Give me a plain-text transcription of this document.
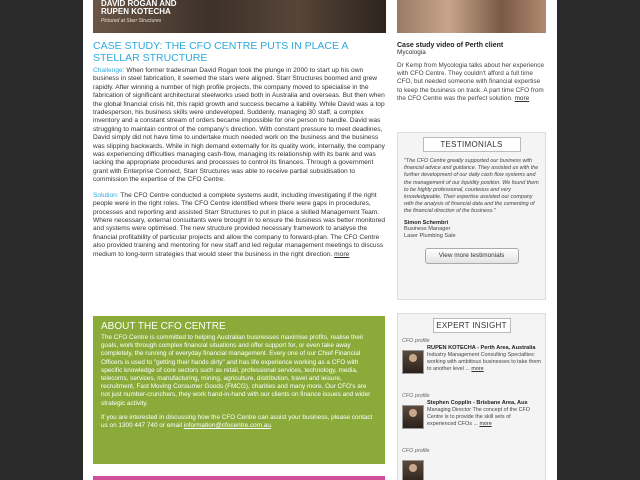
DAVID ROGAN AND
RUPEN KOTECHA
Pictured at Starr Structures
CASE STUDY: THE CFO CENTRE PUTS IN PLACE A STELLAR STRUCTURE

Challenge: When former tradesman David Rogan took the plunge in 2000 to start up his own business in steel fabrication, it seemed the stars were aligned. Starr Structures boomed and grew rapidly. After winning a number of high profile projects, the company moved to specialise in the fabrication of significant architectural steelworks used both in Australia and overseas. But then when the global financial crisis hit, this rapid growth and success became a liability. While David was a top tradesperson, his business skills were undeveloped. Suddenly, managing 30 staff, a complex inventory and a constant stream of orders became impossible for one person to handle. David was struggling to maintain control of the company's direction. With constant pressure to meet deadlines, David simply did not have time to undertake much needed work on the business and the business was slipping backwards. While in high demand externally for its quality work, internally, the company was experiencing difficulties managing cash-flow, managing its relationship with its bank and was lacking the appropriate procedures and processes to control its finances. Through a government grant with Enterprise Connect, Starr Structures was able to receive partial subsidisation to commission the expertise of the CFO Centre.

Solution: The CFO Centre conducted a complete systems audit, including investigating if the right people were in the right roles. The CFO Centre identified where there were gaps in procedures, processes and reporting and assisted Starr Structures to put in place a skilled Management Team. Where necessary, external consultants were brought in to ensure the business was better monitored and systems were optimised. The new structure provided necessary framework to analyse the financial profitability of particular projects and allow the company to forward-plan. The CFO Centre also provided training and mentoring for new staff and led regular management meetings to discuss medium to long-term strategies that would steer the business in the right direction. more

ABOUT THE CFO CENTRE

The CFO Centre is committed to helping Australian businesses maximise profits, realise their goals, work through complex financial situations and offer support for, or even take away completely, the running of everyday financial management. Every one of our Chief Financial Officers is used to "getting their hands dirty" and has life experience working as a CFO with specific knowledge of core sectors such as retail, professional services, technology, media, telecoms, services, manufacturing, mining, agriculture, distribution, travel and leisure, recruitment, Fast Moving Consumer Goods (FMCG), charities and many more. Our CFO's are not just number-crunchers, they work hand-in-hand with our clients on finance issues and wider strategic activity.

If you are interested in discussing how the CFO Centre can assist your business, please contact us on 1300 447 740 or email information@cfocentre.com.au.

Case study video of Perth client
Mycologia

Dr Kemp from Mycologia talks about her experience with CFO Centre. They couldn't afford a full time CFO, but needed someone with financial expertise to keep the business on track. A part time CFO from the CFO Centre was the perfect solution. more

TESTIMONIALS
"The CFO Centre greatly supported our business with financial advice and guidance. They assisted us with the further development of our daily cash flow systems and the management of our liquidity position. We found them to be highly professional, courteous and very knowledgeable. Their expertise assisted our company with the analysis of financial data and the cementing of the financial direction of the business."
Simon Schembri
Business Manager
Laser Plumbing Sale
View more testimonials
EXPERT INSIGHT
CFO profile
RUPEN KOTECHA - Perth Area, Australia
Industry Management Consulting Specialties: working with ambitious businesses to take them to another level ... more
CFO profile
Stephen Copplin - Brisbane Area, Aus
Managing Director The concept of the CFO Centre is to provide the skill sets of experienced CFOs ... more
CFO profile
